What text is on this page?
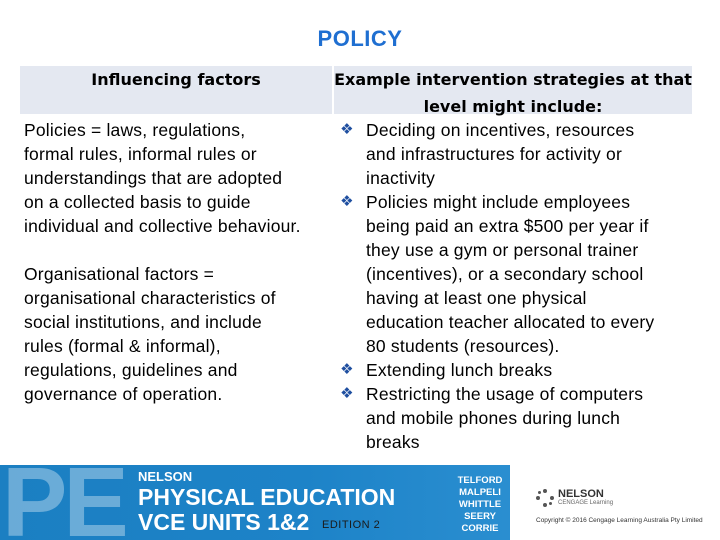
POLICY
Influencing factors	Example intervention strategies at that
level might include:

Policies = laws, regulations,
formal rules, informal rules or
understandings that are adopted
on a collected basis to guide
individual and collective behaviour.

Organisational factors =
organisational characteristics of
social institutions, and include
rules (formal & informal),
regulations, guidelines and
governance of operation.

❖ Deciding on incentives, resources
and infrastructures for activity or
inactivity
❖ Policies might include employees
being paid an extra $500 per year if
they use a gym or personal trainer
(incentives), or a secondary school
having at least one physical
education teacher allocated to every
80 students (resources).
❖ Extending lunch breaks
❖ Restricting the usage of computers
and mobile phones during lunch
breaks
PE NELSON
PHYSICAL EDUCATION
VCE UNITS 1&2 EDITION 2
TELFORD
MALPELI
WHITTLE
SEERY
CORRIE
NELSON
CENGAGE Learning
Copyright © 2016 Cengage Learning Australia Pty Limited
